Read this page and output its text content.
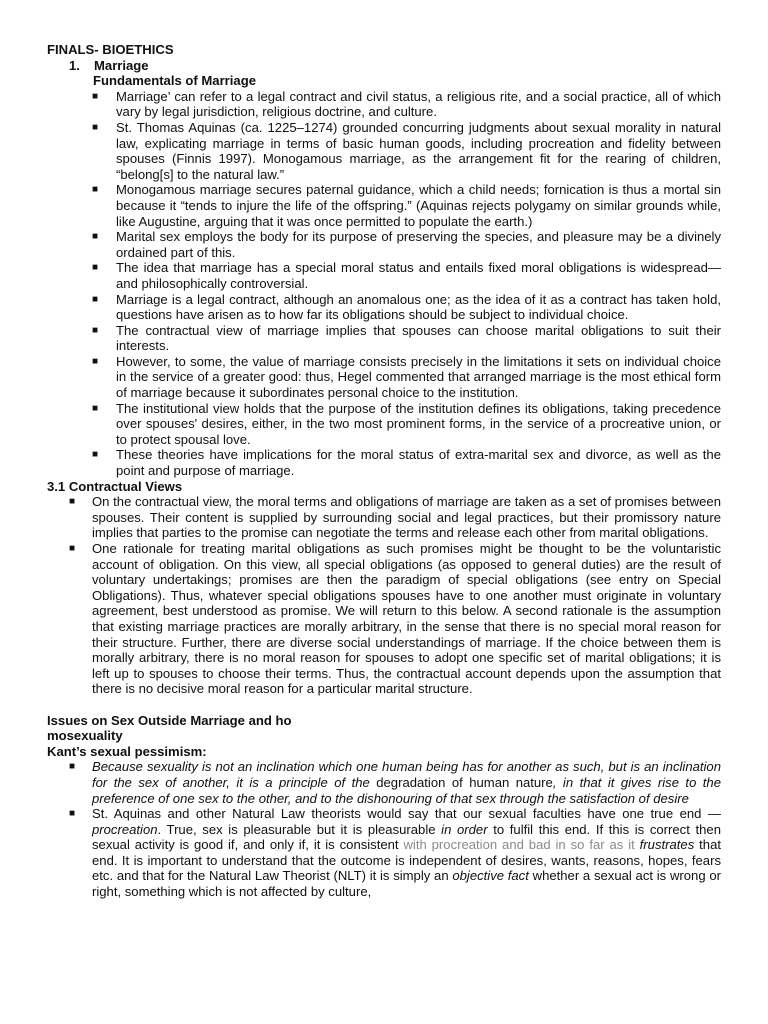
FINALS- BIOETHICS
1.	Marriage
Fundamentals of Marriage
■ Marriage’ can refer to a legal contract and civil status, a religious rite, and a social practice, all of which vary by legal jurisdiction, religious doctrine, and culture.
■ St. Thomas Aquinas (ca. 1225–1274) grounded concurring judgments about sexual morality in natural law, explicating marriage in terms of basic human goods, including procreation and fidelity between spouses (Finnis 1997). Monogamous marriage, as the arrangement fit for the rearing of children, “belong[s] to the natural law.”
■ Monogamous marriage secures paternal guidance, which a child needs; fornication is thus a mortal sin because it “tends to injure the life of the offspring.” (Aquinas rejects polygamy on similar grounds while, like Augustine, arguing that it was once permitted to populate the earth.)
■ Marital sex employs the body for its purpose of preserving the species, and pleasure may be a divinely ordained part of this.
■ The idea that marriage has a special moral status and entails fixed moral obligations is widespread—and philosophically controversial.
■ Marriage is a legal contract, although an anomalous one; as the idea of it as a contract has taken hold, questions have arisen as to how far its obligations should be subject to individual choice.
■ The contractual view of marriage implies that spouses can choose marital obligations to suit their interests.
■ However, to some, the value of marriage consists precisely in the limitations it sets on individual choice in the service of a greater good: thus, Hegel commented that arranged marriage is the most ethical form of marriage because it subordinates personal choice to the institution.
■ The institutional view holds that the purpose of the institution defines its obligations, taking precedence over spouses' desires, either, in the two most prominent forms, in the service of a procreative union, or to protect spousal love.
■ These theories have implications for the moral status of extra-marital sex and divorce, as well as the point and purpose of marriage.
3.1 Contractual Views
■ On the contractual view, the moral terms and obligations of marriage are taken as a set of promises between spouses. Their content is supplied by surrounding social and legal practices, but their promissory nature implies that parties to the promise can negotiate the terms and release each other from marital obligations.
■ One rationale for treating marital obligations as such promises might be thought to be the voluntaristic account of obligation. On this view, all special obligations (as opposed to general duties) are the result of voluntary undertakings; promises are then the paradigm of special obligations (see entry on Special Obligations). Thus, whatever special obligations spouses have to one another must originate in voluntary agreement, best understood as promise. We will return to this below. A second rationale is the assumption that existing marriage practices are morally arbitrary, in the sense that there is no special moral reason for their structure. Further, there are diverse social understandings of marriage. If the choice between them is morally arbitrary, there is no moral reason for spouses to adopt one specific set of marital obligations; it is left up to spouses to choose their terms. Thus, the contractual account depends upon the assumption that there is no decisive moral reason for a particular marital structure.
Issues on Sex Outside Marriage and ho
mosexuality
Kant’s sexual pessimism:
■ Because sexuality is not an inclination which one human being has for another as such, but is an inclination for the sex of another, it is a principle of the degradation of human nature, in that it gives rise to the preference of one sex to the other, and to the dishonouring of that sex through the satisfaction of desire
■ St. Aquinas and other Natural Law theorists would say that our sexual faculties have one true end — procreation. True, sex is pleasurable but it is pleasurable in order to fulfil this end. If this is correct then sexual activity is good if, and only if, it is consistent with procreation and bad in so far as it frustrates that end. It is important to understand that the outcome is independent of desires, wants, reasons, hopes, fears etc. and that for the Natural Law Theorist (NLT) it is simply an objective fact whether a sexual act is wrong or right, something which is not affected by culture,
